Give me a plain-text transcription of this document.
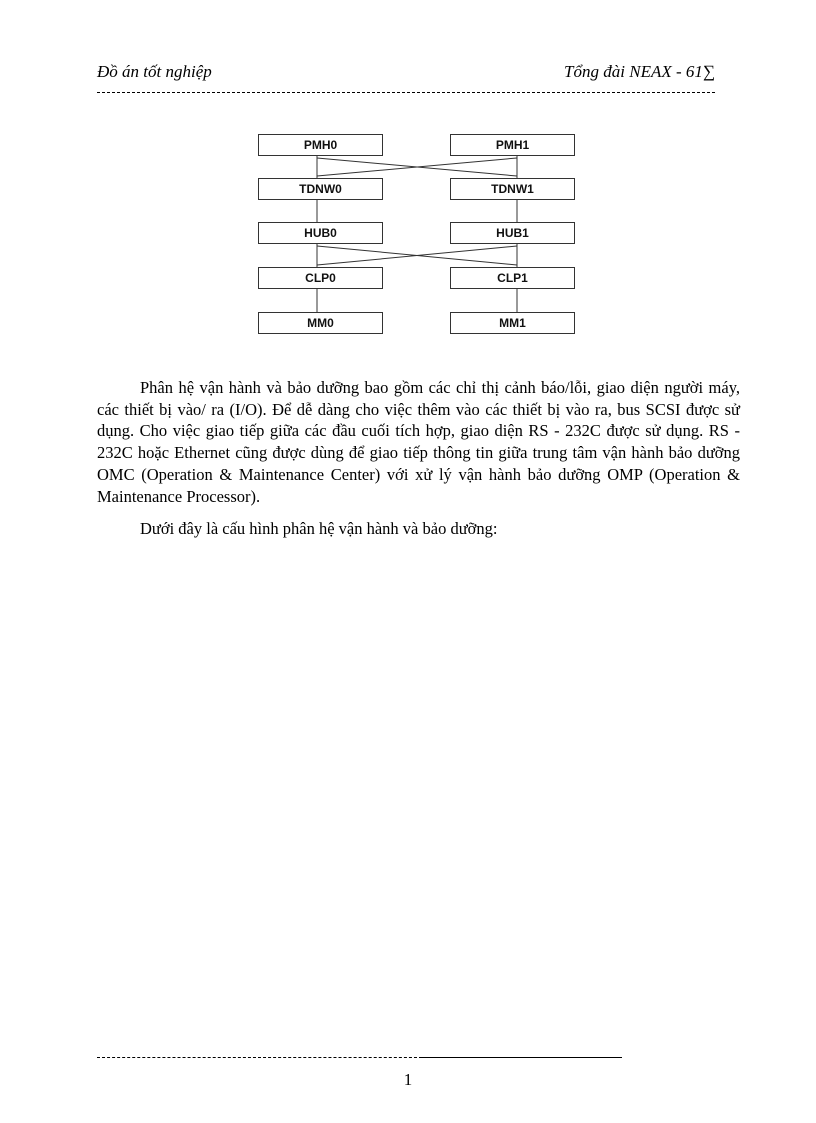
Đồ án tốt nghiệp	Tổng đài NEAX - 61∑
PMH0
TDNW0
HUB0
CLP0
MM0
PMH1
TDNW1
HUB1
CLP1
MM1

Phân hệ vận hành và bảo dưỡng bao gồm các chỉ thị cảnh báo/lỗi, giao diện người máy, các thiết bị vào/ ra (I/O). Để dễ dàng cho việc thêm vào các thiết bị vào ra, bus SCSI được sử dụng. Cho việc giao tiếp giữa các đầu cuối tích hợp, giao diện RS - 232C được sử dụng. RS - 232C hoặc Ethernet cũng được dùng để giao tiếp thông tin giữa trung tâm vận hành bảo dưỡng OMC (Operation & Maintenance Center) với xử lý vận hành bảo dưỡng OMP (Operation & Maintenance Processor).

Dưới đây là cấu hình phân hệ vận hành và bảo dưỡng:

1
